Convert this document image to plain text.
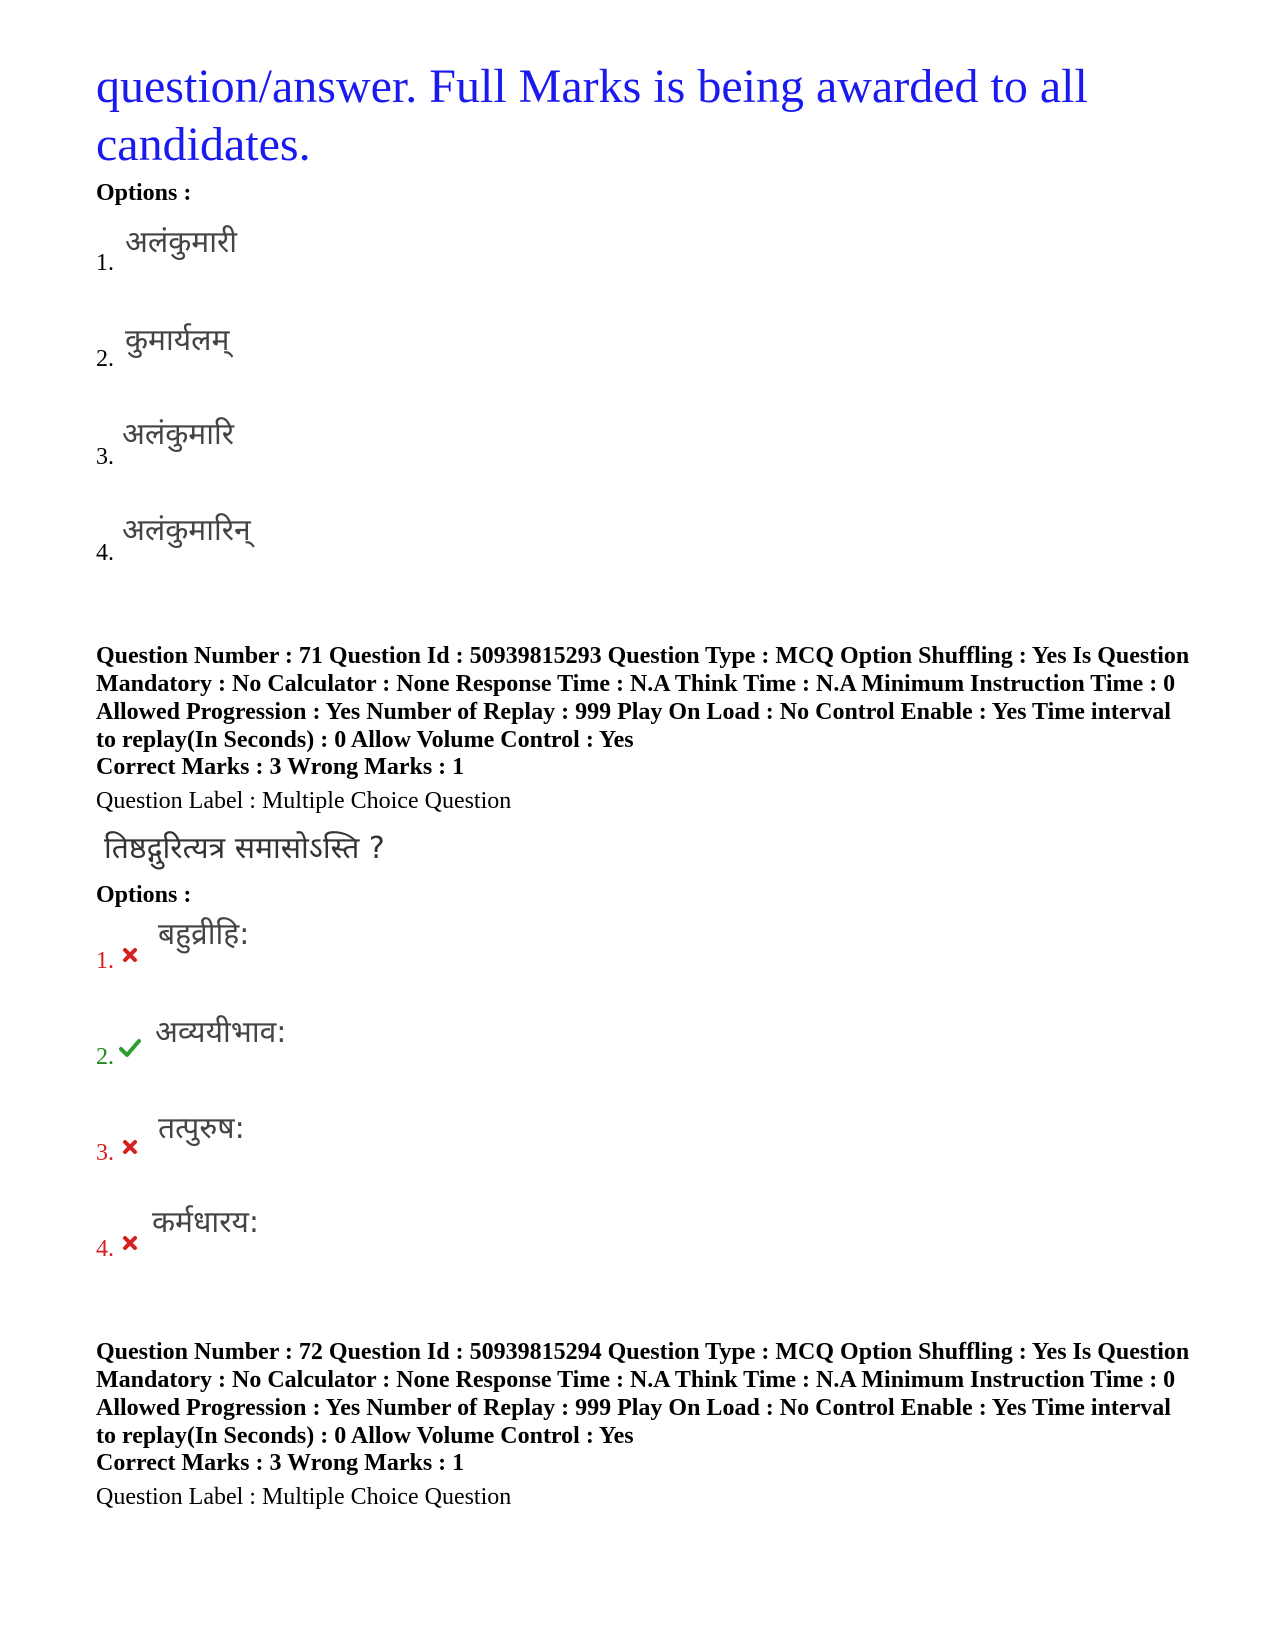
question/answer. Full Marks is being awarded to all candidates.
Options :
1.
अलंकुमारी
2.
कुमार्यलम्
3.
अलंकुमारि
4.
अलंकुमारिन्
Question Number : 71 Question Id : 50939815293 Question Type : MCQ Option Shuffling : Yes Is Question Mandatory : No Calculator : None Response Time : N.A Think Time : N.A Minimum Instruction Time : 0 Allowed Progression : Yes Number of Replay : 999 Play On Load : No Control Enable : Yes Time interval to replay(In Seconds) : 0 Allow Volume Control : Yes
Correct Marks : 3 Wrong Marks : 1
Question Label : Multiple Choice Question
तिष्ठद्गुरित्यत्र समासोऽस्ति ?
Options :
1.
बहुव्रीहि:
2.
अव्ययीभाव:
3.
तत्पुरुष:
4.
कर्मधारय:
Question Number : 72 Question Id : 50939815294 Question Type : MCQ Option Shuffling : Yes Is Question Mandatory : No Calculator : None Response Time : N.A Think Time : N.A Minimum Instruction Time : 0 Allowed Progression : Yes Number of Replay : 999 Play On Load : No Control Enable : Yes Time interval to replay(In Seconds) : 0 Allow Volume Control : Yes
Correct Marks : 3 Wrong Marks : 1
Question Label : Multiple Choice Question
